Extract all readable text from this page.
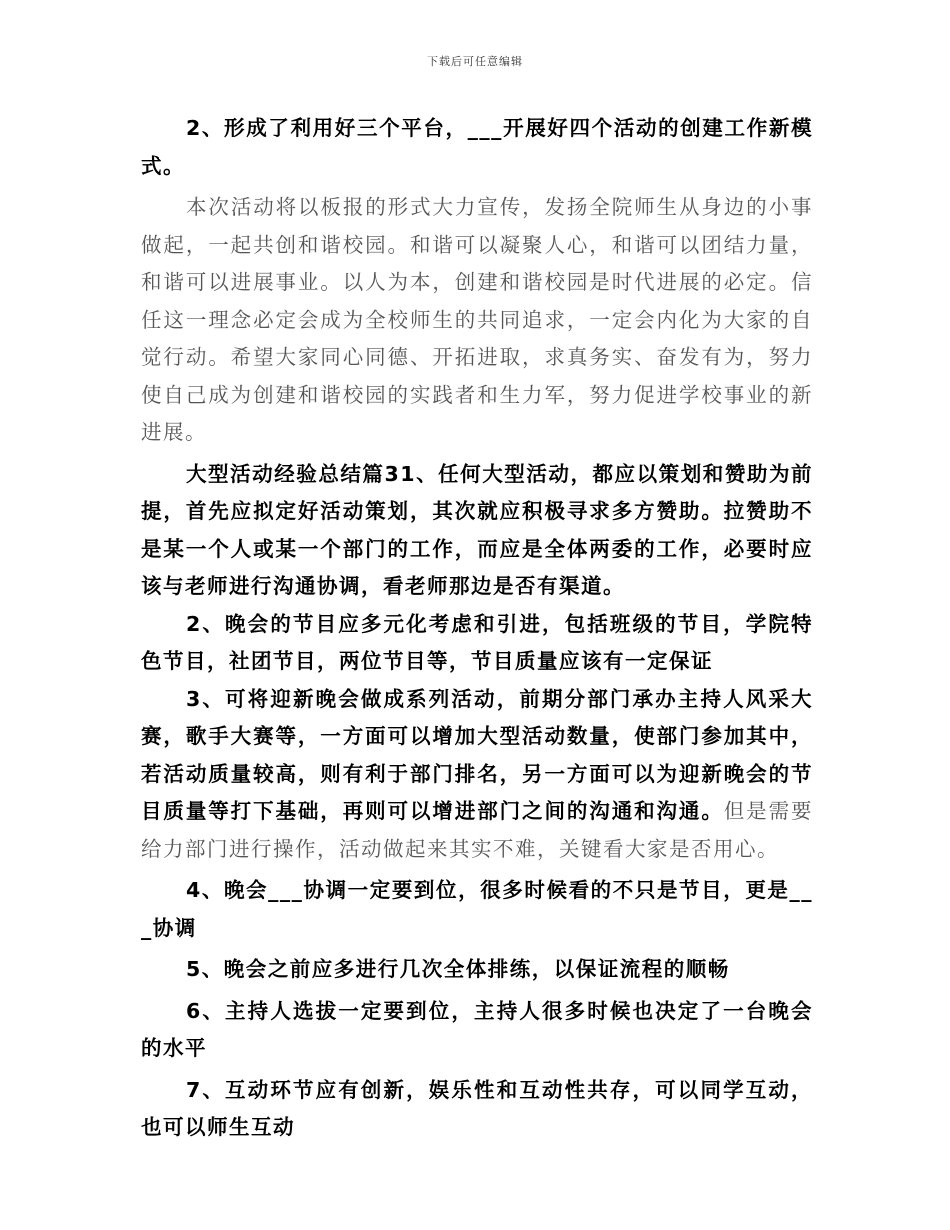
下载后可任意编辑

2、形成了利用好三个平台，___开展好四个活动的创建工作新模式。

本次活动将以板报的形式大力宣传，发扬全院师生从身边的小事做起，一起共创和谐校园。和谐可以凝聚人心，和谐可以团结力量，和谐可以进展事业。以人为本，创建和谐校园是时代进展的必定。信任这一理念必定会成为全校师生的共同追求，一定会内化为大家的自觉行动。希望大家同心同德、开拓进取，求真务实、奋发有为，努力使自己成为创建和谐校园的实践者和生力军，努力促进学校事业的新进展。

大型活动经验总结篇31、任何大型活动，都应以策划和赞助为前提，首先应拟定好活动策划，其次就应积极寻求多方赞助。拉赞助不是某一个人或某一个部门的工作，而应是全体两委的工作，必要时应该与老师进行沟通协调，看老师那边是否有渠道。

2、晚会的节目应多元化考虑和引进，包括班级的节目，学院特色节目，社团节目，两位节目等，节目质量应该有一定保证

3、可将迎新晚会做成系列活动，前期分部门承办主持人风采大赛，歌手大赛等，一方面可以增加大型活动数量，使部门参加其中，若活动质量较高，则有利于部门排名，另一方面可以为迎新晚会的节目质量等打下基础，再则可以增进部门之间的沟通和沟通。但是需要给力部门进行操作，活动做起来其实不难，关键看大家是否用心。

4、晚会___协调一定要到位，很多时候看的不只是节目，更是___协调

5、晚会之前应多进行几次全体排练，以保证流程的顺畅

6、主持人选拔一定要到位，主持人很多时候也决定了一台晚会的水平

7、互动环节应有创新，娱乐性和互动性共存，可以同学互动，也可以师生互动
